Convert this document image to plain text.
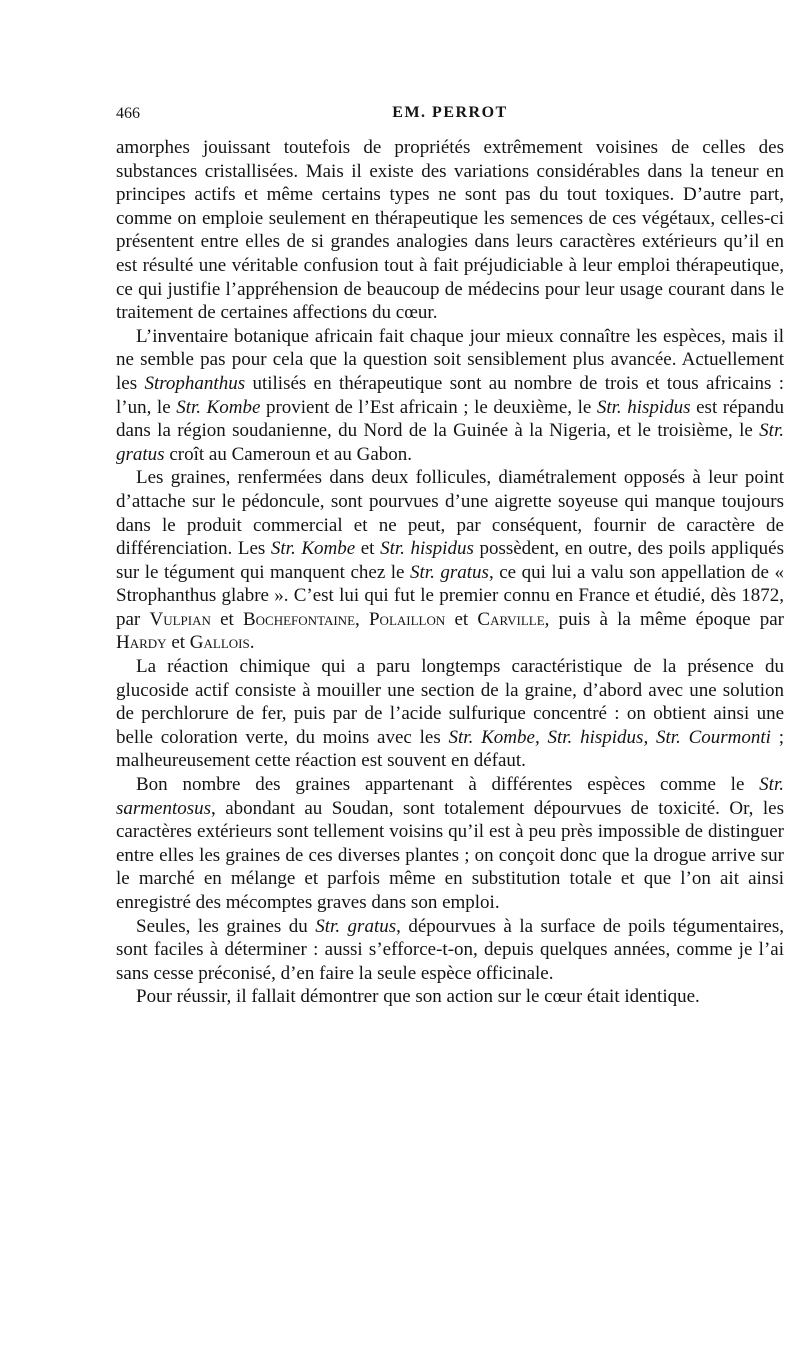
466	EM. PERROT

amorphes jouissant toutefois de propriétés extrêmement voisines de celles des substances cristallisées. Mais il existe des variations considérables dans la teneur en principes actifs et même certains types ne sont pas du tout toxiques. D’autre part, comme on emploie seulement en thérapeutique les semences de ces végétaux, celles-ci présentent entre elles de si grandes analogies dans leurs caractères extérieurs qu’il en est résulté une véritable confusion tout à fait préjudiciable à leur emploi thérapeutique, ce qui justifie l’appréhension de beaucoup de médecins pour leur usage courant dans le traitement de certaines affections du cœur.

L’inventaire botanique africain fait chaque jour mieux connaître les espèces, mais il ne semble pas pour cela que la question soit sensiblement plus avancée. Actuellement les Strophanthus utilisés en thérapeutique sont au nombre de trois et tous africains : l’un, le Str. Kombe provient de l’Est africain ; le deuxième, le Str. hispidus est répandu dans la région soudanienne, du Nord de la Guinée à la Nigeria, et le troisième, le Str. gratus croît au Cameroun et au Gabon.

Les graines, renfermées dans deux follicules, diamétralement opposés à leur point d’attache sur le pédoncule, sont pourvues d’une aigrette soyeuse qui manque toujours dans le produit commercial et ne peut, par conséquent, fournir de caractère de différenciation. Les Str. Kombe et Str. hispidus possèdent, en outre, des poils appliqués sur le tégument qui manquent chez le Str. gratus, ce qui lui a valu son appellation de « Strophanthus glabre ». C’est lui qui fut le premier connu en France et étudié, dès 1872, par Vulpian et Bochefontaine, Polaillon et Carville, puis à la même époque par Hardy et Gallois.

La réaction chimique qui a paru longtemps caractéristique de la présence du glucoside actif consiste à mouiller une section de la graine, d’abord avec une solution de perchlorure de fer, puis par de l’acide sulfurique concentré : on obtient ainsi une belle coloration verte, du moins avec les Str. Kombe, Str. hispidus, Str. Courmonti ; malheureusement cette réaction est souvent en défaut.

Bon nombre des graines appartenant à différentes espèces comme le Str. sarmentosus, abondant au Soudan, sont totalement dépourvues de toxicité. Or, les caractères extérieurs sont tellement voisins qu’il est à peu près impossible de distinguer entre elles les graines de ces diverses plantes ; on conçoit donc que la drogue arrive sur le marché en mélange et parfois même en substitution totale et que l’on ait ainsi enregistré des mécomptes graves dans son emploi.

Seules, les graines du Str. gratus, dépourvues à la surface de poils tégumentaires, sont faciles à déterminer : aussi s’efforce-t-on, depuis quelques années, comme je l’ai sans cesse préconisé, d’en faire la seule espèce officinale.

Pour réussir, il fallait démontrer que son action sur le cœur était identique.
